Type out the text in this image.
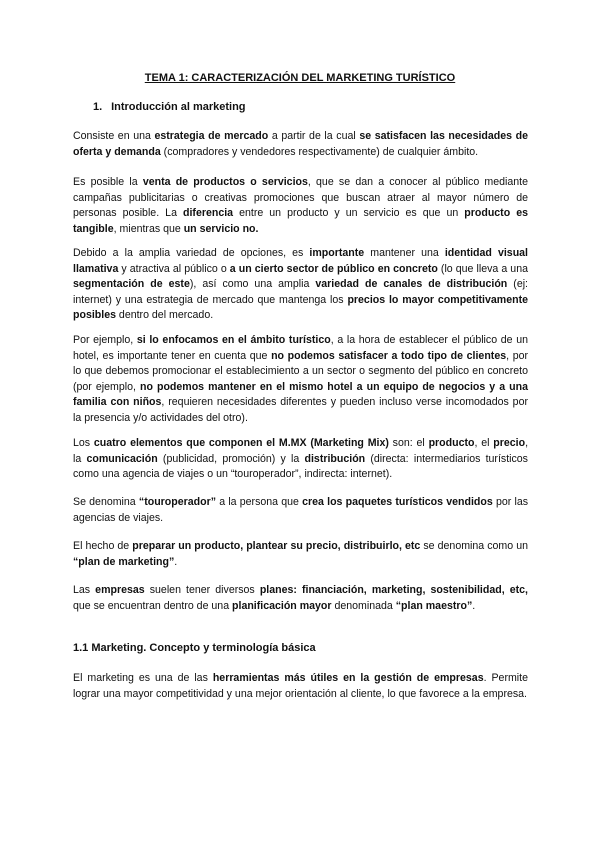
TEMA 1: CARACTERIZACIÓN DEL MARKETING TURÍSTICO
1. Introducción al marketing
Consiste en una estrategia de mercado a partir de la cual se satisfacen las necesidades de oferta y demanda (compradores y vendedores respectivamente) de cualquier ámbito.
Es posible la venta de productos o servicios, que se dan a conocer al público mediante campañas publicitarias o creativas promociones que buscan atraer al mayor número de personas posible. La diferencia entre un producto y un servicio es que un producto es tangible, mientras que un servicio no.
Debido a la amplia variedad de opciones, es importante mantener una identidad visual llamativa y atractiva al público o a un cierto sector de público en concreto (lo que lleva a una segmentación de este), así como una amplia variedad de canales de distribución (ej: internet) y una estrategia de mercado que mantenga los precios lo mayor competitivamente posibles dentro del mercado.
Por ejemplo, si lo enfocamos en el ámbito turístico, a la hora de establecer el público de un hotel, es importante tener en cuenta que no podemos satisfacer a todo tipo de clientes, por lo que debemos promocionar el establecimiento a un sector o segmento del público en concreto (por ejemplo, no podemos mantener en el mismo hotel a un equipo de negocios y a una familia con niños, requieren necesidades diferentes y pueden incluso verse incomodados por la presencia y/o actividades del otro).
Los cuatro elementos que componen el M.MX (Marketing Mix) son: el producto, el precio, la comunicación (publicidad, promoción) y la distribución (directa: intermediarios turísticos como una agencia de viajes o un “touroperador”, indirecta: internet).
Se denomina “touroperador” a la persona que crea los paquetes turísticos vendidos por las agencias de viajes.
El hecho de preparar un producto, plantear su precio, distribuirlo, etc se denomina como un “plan de marketing”.
Las empresas suelen tener diversos planes: financiación, marketing, sostenibilidad, etc, que se encuentran dentro de una planificación mayor denominada “plan maestro”.
1.1 Marketing. Concepto y terminología básica
El marketing es una de las herramientas más útiles en la gestión de empresas. Permite lograr una mayor competitividad y una mejor orientación al cliente, lo que favorece a la empresa.
